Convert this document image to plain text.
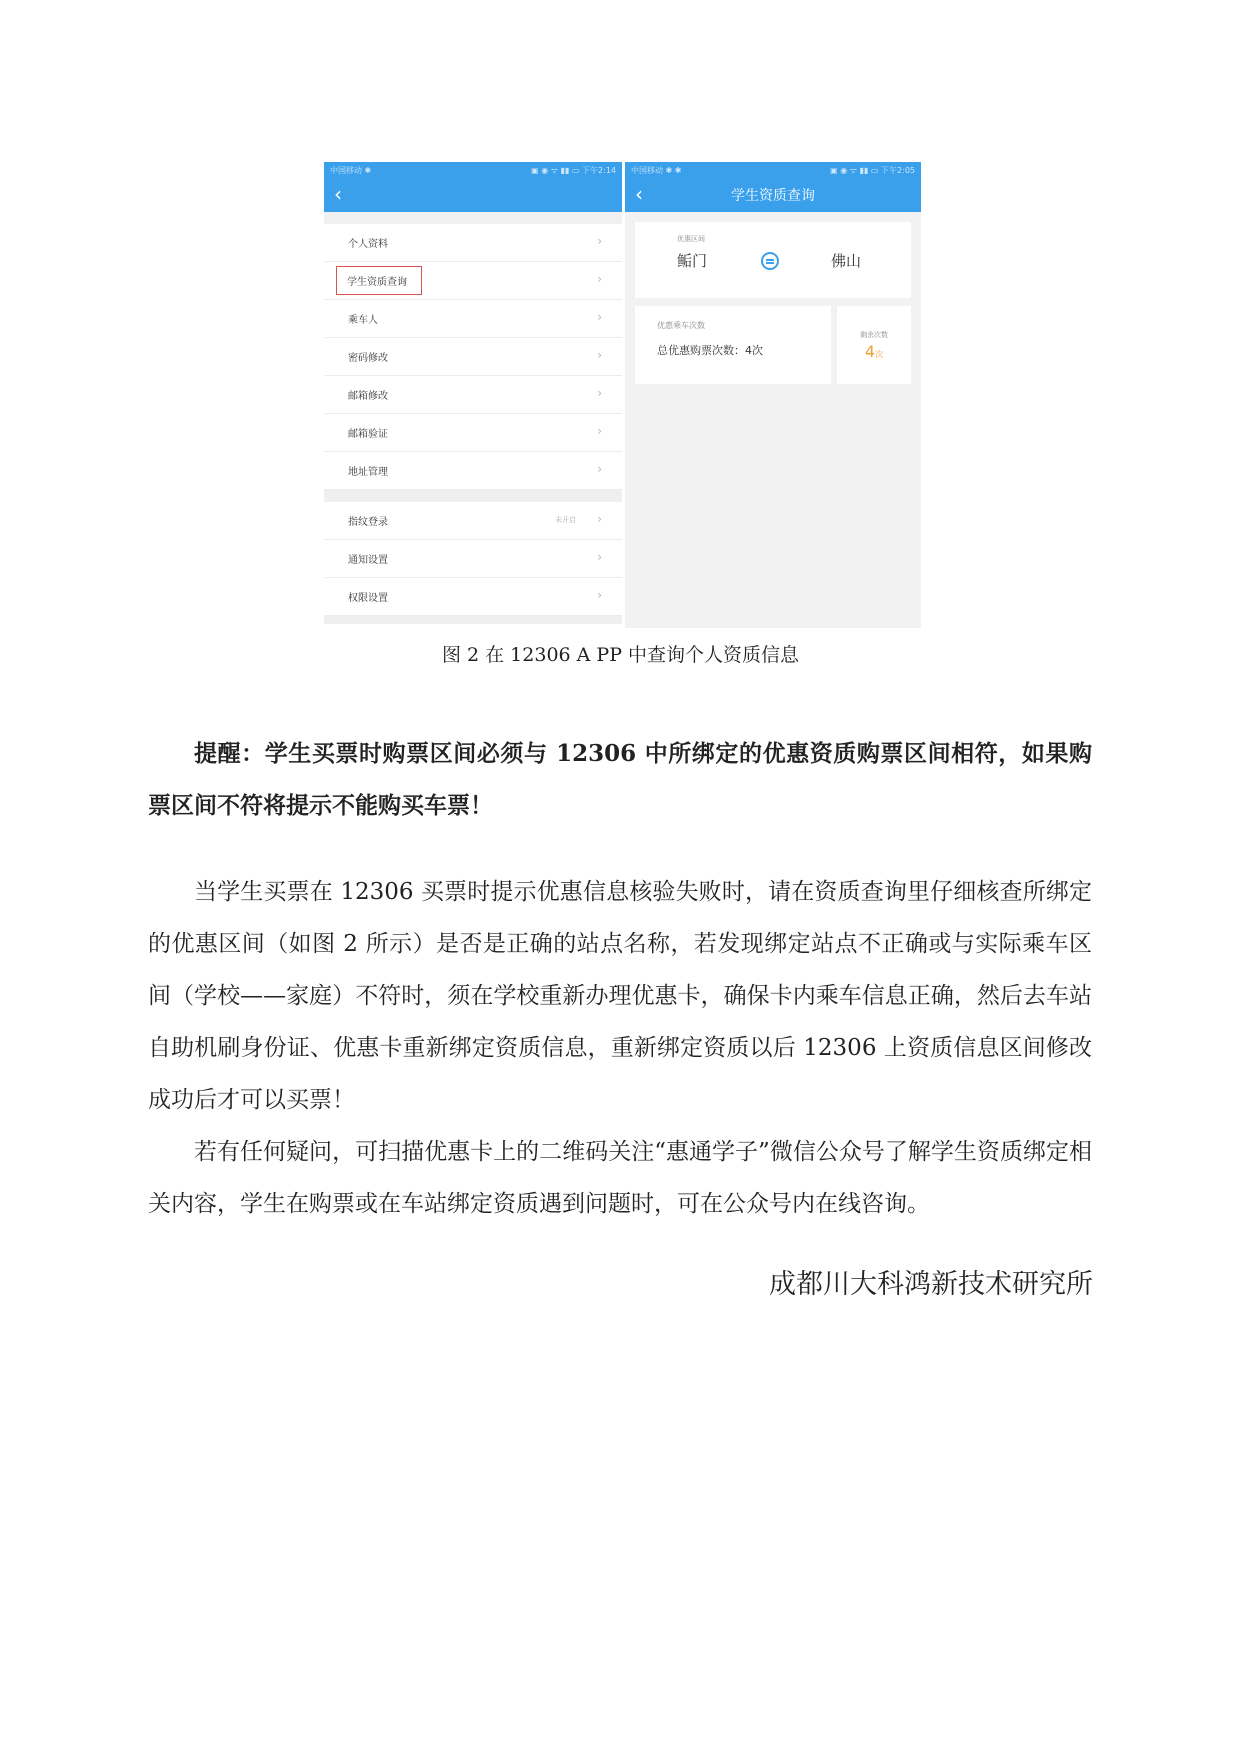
中国移动 ✱	▣ ◉ ᯤ ▮▮ ▭ 下午2:14
‹
个人资料	›
学生资质查询	›
乘车人	›
密码修改	›
邮箱修改	›
邮箱验证	›
地址管理	›
指纹登录	未开启 ›
通知设置	›
权限设置	›
中国移动 ✱ ✱	▣ ◉ ᯤ ▮▮ ▭ 下午2:05
‹	学生资质查询
优惠区间
鲘门	佛山
优惠乘车次数
总优惠购票次数：4次
剩余次数
4次
图 2 在 12306 A PP 中查询个人资质信息

提醒：学生买票时购票区间必须与 12306 中所绑定的优惠资质购票区间相符，如果购票区间不符将提示不能购买车票！

当学生买票在 12306 买票时提示优惠信息核验失败时，请在资质查询里仔细核查所绑定的优惠区间（如图 2 所示）是否是正确的站点名称，若发现绑定站点不正确或与实际乘车区间（学校——家庭）不符时，须在学校重新办理优惠卡，确保卡内乘车信息正确，然后去车站自助机刷身份证、优惠卡重新绑定资质信息，重新绑定资质以后 12306 上资质信息区间修改成功后才可以买票！

若有任何疑问，可扫描优惠卡上的二维码关注“惠通学子”微信公众号了解学生资质绑定相关内容，学生在购票或在车站绑定资质遇到问题时，可在公众号内在线咨询。

成都川大科鸿新技术研究所
